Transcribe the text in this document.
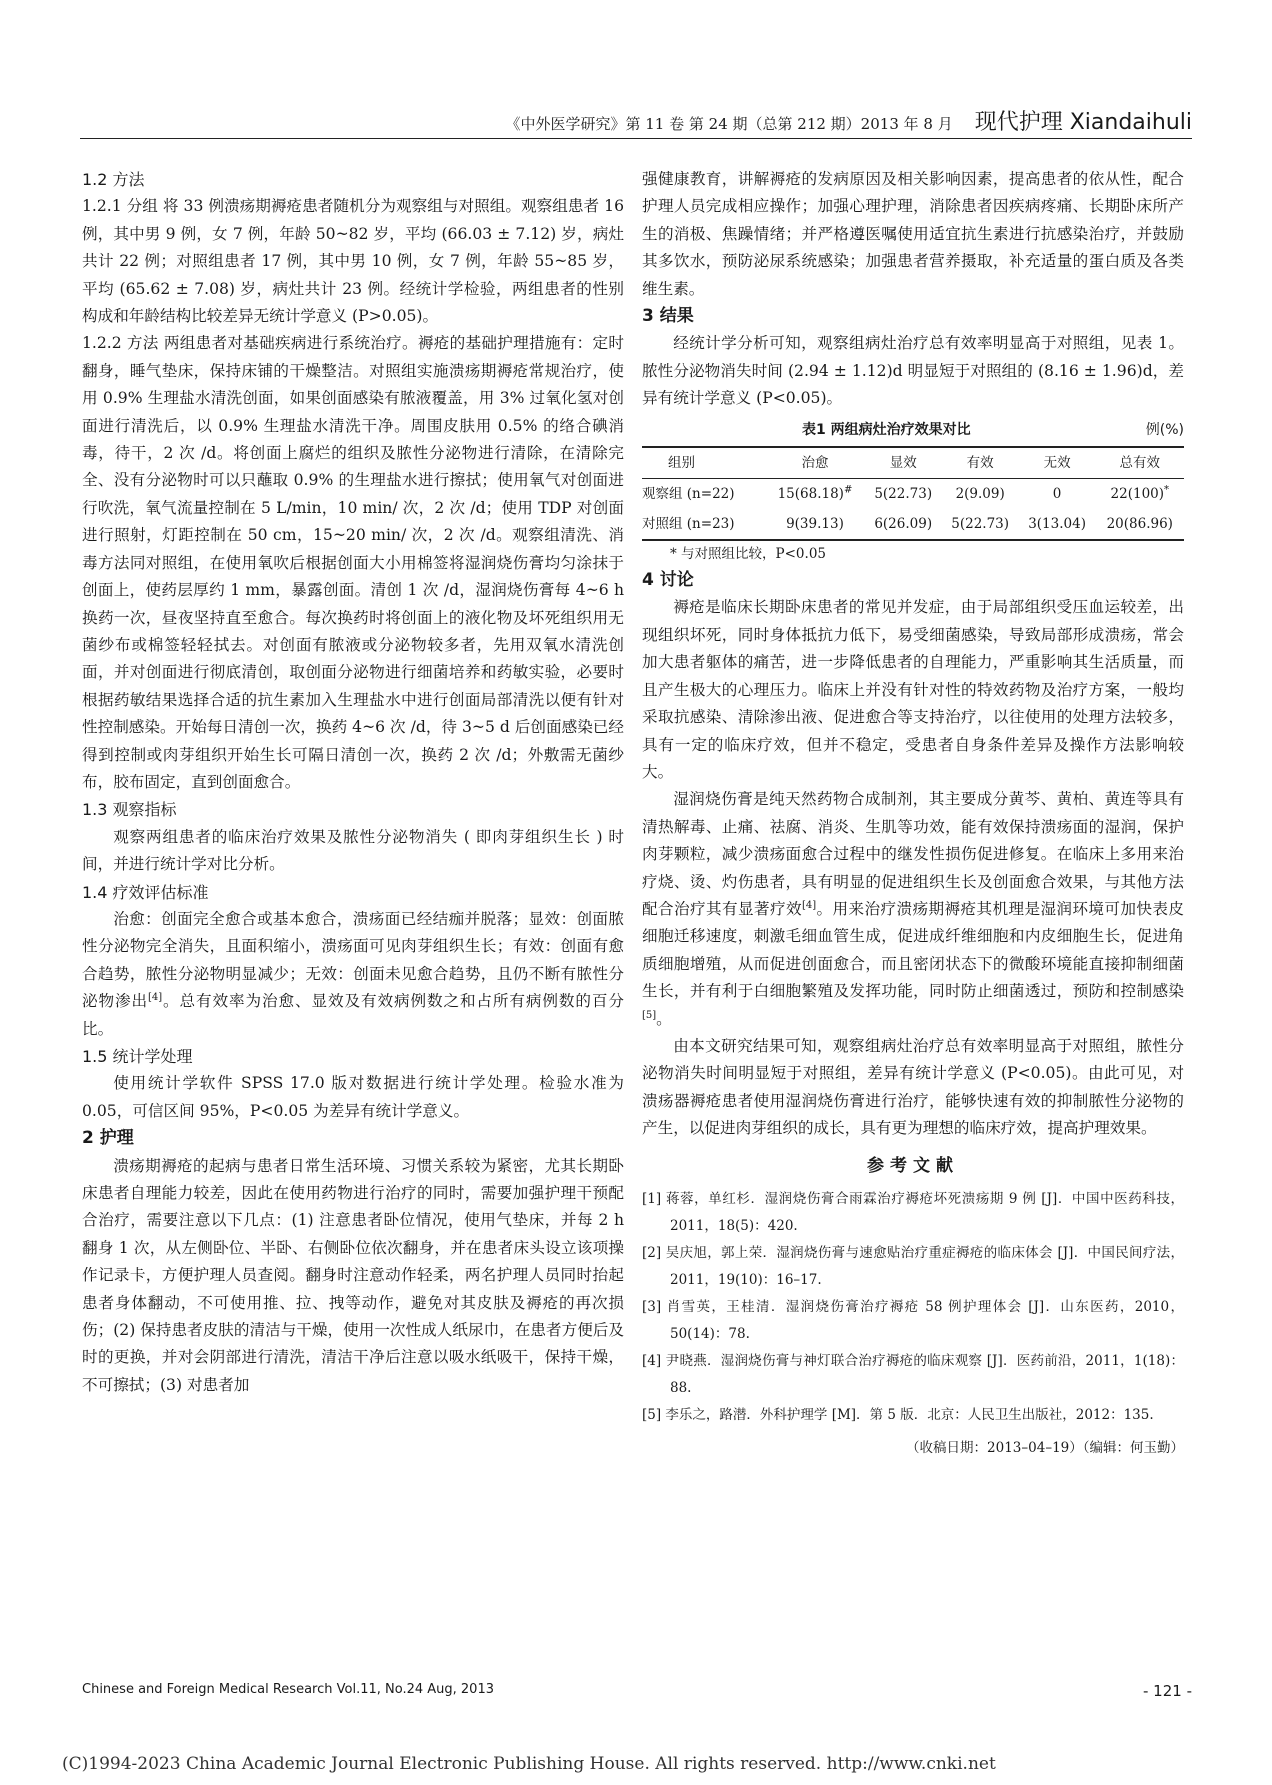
《中外医学研究》第 11 卷 第 24 期（总第 212 期）2013 年 8 月 现代护理 Xiandaihuli
1.2 方法

1.2.1 分组 将 33 例溃疡期褥疮患者随机分为观察组与对照组。观察组患者 16 例，其中男 9 例，女 7 例，年龄 50~82 岁，平均 (66.03 ± 7.12) 岁，病灶共计 22 例；对照组患者 17 例，其中男 10 例，女 7 例，年龄 55~85 岁，平均 (65.62 ± 7.08) 岁，病灶共计 23 例。经统计学检验，两组患者的性别构成和年龄结构比较差异无统计学意义 (P>0.05)。

1.2.2 方法 两组患者对基础疾病进行系统治疗。褥疮的基础护理措施有：定时翻身，睡气垫床，保持床铺的干燥整洁。对照组实施溃疡期褥疮常规治疗，使用 0.9% 生理盐水清洗创面，如果创面感染有脓液覆盖，用 3% 过氧化氢对创面进行清洗后，以 0.9% 生理盐水清洗干净。周围皮肤用 0.5% 的络合碘消毒，待干，2 次 /d。将创面上腐烂的组织及脓性分泌物进行清除，在清除完全、没有分泌物时可以只蘸取 0.9% 的生理盐水进行擦拭；使用氧气对创面进行吹洗，氧气流量控制在 5 L/min，10 min/ 次，2 次 /d；使用 TDP 对创面进行照射，灯距控制在 50 cm，15~20 min/ 次，2 次 /d。观察组清洗、消毒方法同对照组，在使用氧吹后根据创面大小用棉签将湿润烧伤膏均匀涂抹于创面上，使药层厚约 1 mm，暴露创面。清创 1 次 /d，湿润烧伤膏每 4~6 h 换药一次，昼夜坚持直至愈合。每次换药时将创面上的液化物及坏死组织用无菌纱布或棉签轻轻拭去。对创面有脓液或分泌物较多者，先用双氧水清洗创面，并对创面进行彻底清创，取创面分泌物进行细菌培养和药敏实验，必要时根据药敏结果选择合适的抗生素加入生理盐水中进行创面局部清洗以便有针对性控制感染。开始每日清创一次，换药 4~6 次 /d，待 3~5 d 后创面感染已经得到控制或肉芽组织开始生长可隔日清创一次，换药 2 次 /d；外敷需无菌纱布，胶布固定，直到创面愈合。

1.3 观察指标

观察两组患者的临床治疗效果及脓性分泌物消失 ( 即肉芽组织生长 ) 时间，并进行统计学对比分析。

1.4 疗效评估标准

治愈：创面完全愈合或基本愈合，溃疡面已经结痂并脱落；显效：创面脓性分泌物完全消失，且面积缩小，溃疡面可见肉芽组织生长；有效：创面有愈合趋势，脓性分泌物明显减少；无效：创面未见愈合趋势，且仍不断有脓性分泌物渗出[4]。总有效率为治愈、显效及有效病例数之和占所有病例数的百分比。

1.5 统计学处理

使用统计学软件 SPSS 17.0 版对数据进行统计学处理。检验水准为 0.05，可信区间 95%，P<0.05 为差异有统计学意义。

2 护理

溃疡期褥疮的起病与患者日常生活环境、习惯关系较为紧密，尤其长期卧床患者自理能力较差，因此在使用药物进行治疗的同时，需要加强护理干预配合治疗，需要注意以下几点：(1) 注意患者卧位情况，使用气垫床，并每 2 h 翻身 1 次，从左侧卧位、半卧、右侧卧位依次翻身，并在患者床头设立该项操作记录卡，方便护理人员查阅。翻身时注意动作轻柔，两名护理人员同时抬起患者身体翻动，不可使用推、拉、拽等动作，避免对其皮肤及褥疮的再次损伤；(2) 保持患者皮肤的清洁与干燥，使用一次性成人纸尿巾，在患者方便后及时的更换，并对会阴部进行清洗，清洁干净后注意以吸水纸吸干，保持干燥，不可擦拭；(3) 对患者加

强健康教育，讲解褥疮的发病原因及相关影响因素，提高患者的依从性，配合护理人员完成相应操作；加强心理护理，消除患者因疾病疼痛、长期卧床所产生的消极、焦躁情绪；并严格遵医嘱使用适宜抗生素进行抗感染治疗，并鼓励其多饮水，预防泌尿系统感染；加强患者营养摄取，补充适量的蛋白质及各类维生素。

3 结果

经统计学分析可知，观察组病灶治疗总有效率明显高于对照组，见表 1。脓性分泌物消失时间 (2.94 ± 1.12)d 明显短于对照组的 (8.16 ± 1.96)d，差异有统计学意义 (P<0.05)。

表1 两组病灶治疗效果对比	例(%)
组别	治愈	显效	有效	无效	总有效
观察组 (n=22)	15(68.18)#	5(22.73)	2(9.09)	0	22(100)*
对照组 (n=23)	9(39.13)	6(26.09)	5(22.73)	3(13.04)	20(86.96)
* 与对照组比较，P<0.05
4 讨论

褥疮是临床长期卧床患者的常见并发症，由于局部组织受压血运较差，出现组织坏死，同时身体抵抗力低下，易受细菌感染，导致局部形成溃疡，常会加大患者躯体的痛苦，进一步降低患者的自理能力，严重影响其生活质量，而且产生极大的心理压力。临床上并没有针对性的特效药物及治疗方案，一般均采取抗感染、清除渗出液、促进愈合等支持治疗，以往使用的处理方法较多，具有一定的临床疗效，但并不稳定，受患者自身条件差异及操作方法影响较大。

湿润烧伤膏是纯天然药物合成制剂，其主要成分黄芩、黄柏、黄连等具有清热解毒、止痛、祛腐、消炎、生肌等功效，能有效保持溃疡面的湿润，保护肉芽颗粒，减少溃疡面愈合过程中的继发性损伤促进修复。在临床上多用来治疗烧、烫、灼伤患者，具有明显的促进组织生长及创面愈合效果，与其他方法配合治疗其有显著疗效[4]。用来治疗溃疡期褥疮其机理是湿润环境可加快表皮细胞迁移速度，刺激毛细血管生成，促进成纤维细胞和内皮细胞生长，促进角质细胞增殖，从而促进创面愈合，而且密闭状态下的微酸环境能直接抑制细菌生长，并有利于白细胞繁殖及发挥功能，同时防止细菌透过，预防和控制感染[5]。

由本文研究结果可知，观察组病灶治疗总有效率明显高于对照组，脓性分泌物消失时间明显短于对照组，差异有统计学意义 (P<0.05)。由此可见，对溃疡器褥疮患者使用湿润烧伤膏进行治疗，能够快速有效的抑制脓性分泌物的产生，以促进肉芽组织的成长，具有更为理想的临床疗效，提高护理效果。

参考文献

[1] 蒋蓉，单红杉．湿润烧伤膏合雨霖治疗褥疮坏死溃疡期 9 例 [J]．中国中医药科技，2011，18(5)：420.

[2] 吴庆旭，郭上荣．湿润烧伤膏与速愈贴治疗重症褥疮的临床体会 [J]．中国民间疗法，2011，19(10)：16–17.

[3] 肖雪英，王桂清．湿润烧伤膏治疗褥疮 58 例护理体会 [J]．山东医药，2010，50(14)：78.

[4] 尹晓燕．湿润烧伤膏与神灯联合治疗褥疮的临床观察 [J]．医药前沿，2011，1(18)：88.

[5] 李乐之，路潜．外科护理学 [M]．第 5 版．北京：人民卫生出版社，2012：135.

（收稿日期：2013–04–19）（编辑：何玉勤）
Chinese and Foreign Medical Research Vol.11, No.24 Aug, 2013	- 121 -
(C)1994-2023 China Academic Journal Electronic Publishing House. All rights reserved. http://www.cnki.net
